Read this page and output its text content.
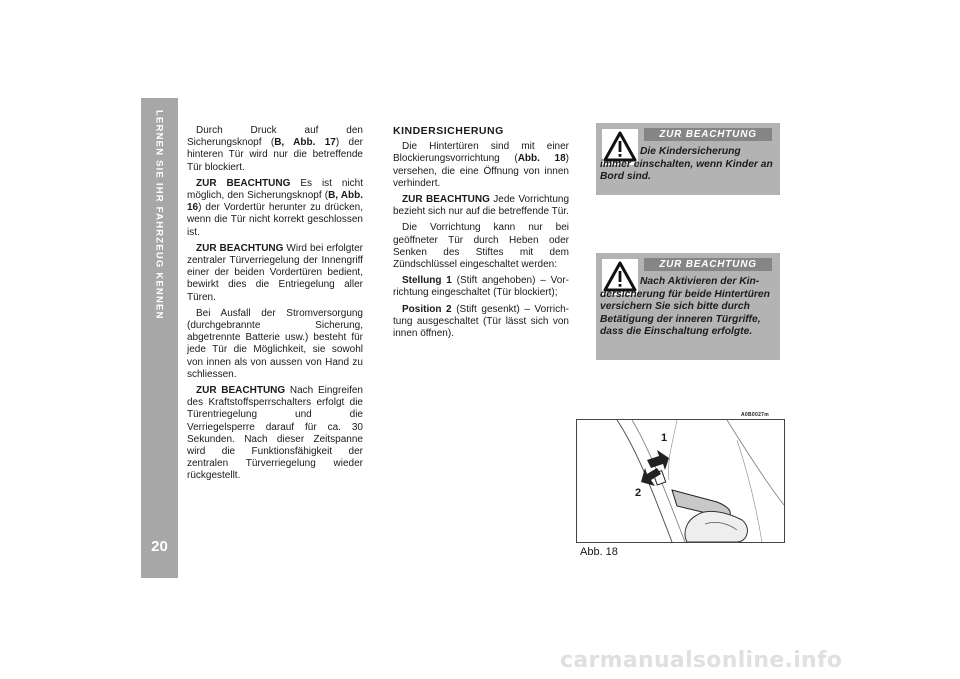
LERNEN SIE IHR FAHRZEUG KENNEN
20

Durch Druck auf den Sicherungsknopf (B, Abb. 17) der hinteren Tür wird nur die betreffende Tür blockiert.

ZUR BEACHTUNG Es ist nicht möglich, den Sicherungsknopf (B, Abb. 16) der Vordertür herunter zu drücken, wenn die Tür nicht korrekt geschlossen ist.

ZUR BEACHTUNG Wird bei erfolgter zentraler Türverriegelung der Innengriff einer der beiden Vordertüren bedient, bewirkt dies die Entriegelung aller Türen.

Bei Ausfall der Stromversorgung (durchgebrannte Sicherung, abgetrennte Batterie usw.) besteht für jede Tür die Möglichkeit, sie sowohl von innen als von aussen von Hand zu schliessen.

ZUR BEACHTUNG Nach Eingreifen des Kraftstoffsperrschalters erfolgt die Türentriegelung und die Verriegelsperre darauf für ca. 30 Sekunden. Nach dieser Zeitspanne wird die Funktionsfähigkeit der zentralen Türverriegelung wieder rückgestellt.

KINDERSICHERUNG

Die Hintertüren sind mit einer Blockierungsvorrichtung (Abb. 18) versehen, die eine Öffnung von innen verhindert.

ZUR BEACHTUNG Jede Vorrichtung bezieht sich nur auf die betreffende Tür.

Die Vorrichtung kann nur bei geöffneter Tür durch Heben oder Senken des Stiftes mit dem Zündschlüssel eingeschaltet werden:

Stellung 1 (Stift angehoben) – Vorrichtung eingeschaltet (Tür blockiert);

Position 2 (Stift gesenkt) – Vorrichtung ausgeschaltet (Tür lässt sich von innen öffnen).

ZUR BEACHTUNG
Die Kindersicherung immer einschalten, wenn Kinder an Bord sind.
ZUR BEACHTUNG
Nach Aktivieren der Kindersicherung für beide Hintertüren versichern Sie sich bitte durch Betätigung der inneren Türgriffe, dass die Einschaltung erfolgte.
A0B0027m
1
2
Abb. 18
carmanualsonline.info
